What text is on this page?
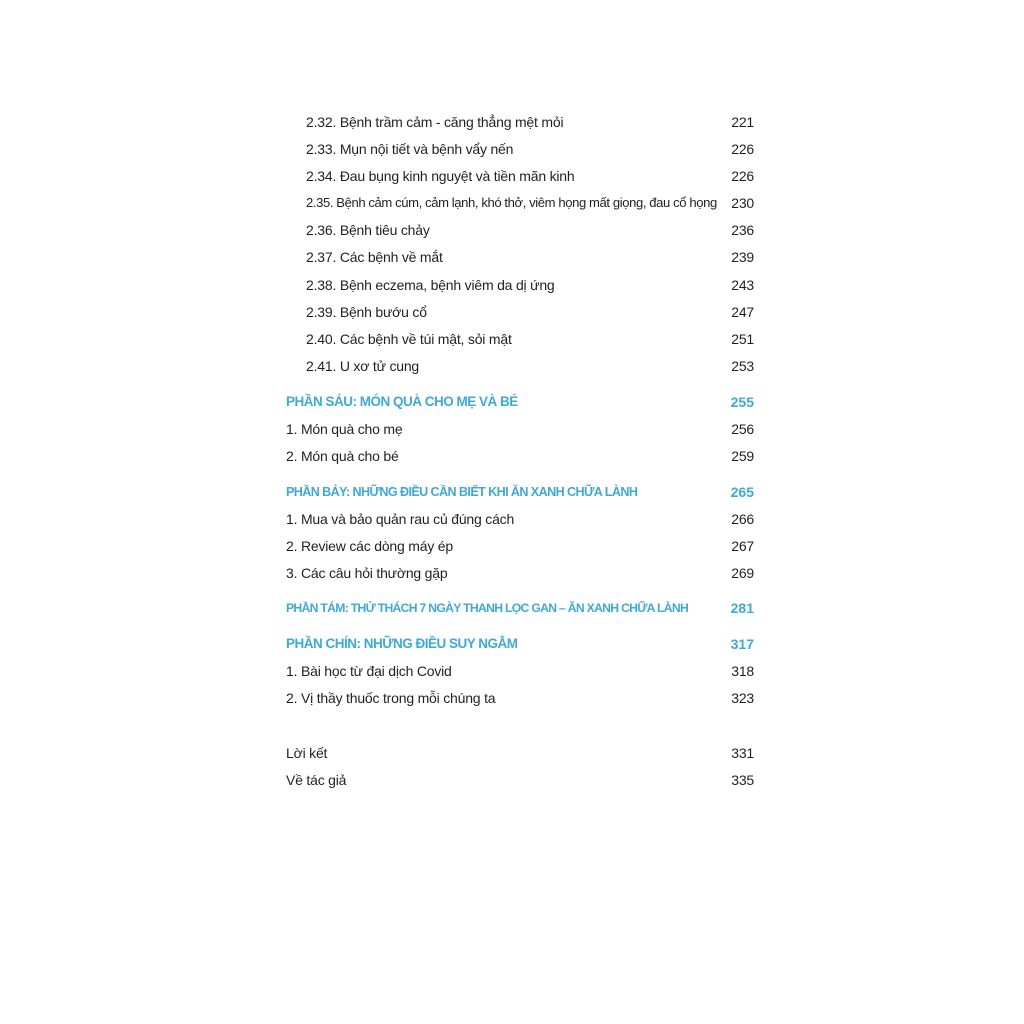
2.32. Bệnh trầm cảm - căng thẳng mệt mỏi	221
2.33. Mụn nội tiết và bệnh vẩy nến	226
2.34. Đau bụng kinh nguyệt và tiền mãn kinh	226
2.35. Bệnh cảm cúm, cảm lạnh, khó thở, viêm họng mất giọng, đau cổ họng 230
2.36. Bệnh tiêu chảy	236
2.37. Các bệnh về mắt	239
2.38. Bệnh eczema, bệnh viêm da dị ứng	243
2.39. Bệnh bướu cổ	247
2.40. Các bệnh về túi mật, sỏi mật	251
2.41. U xơ tử cung	253
PHẦN SÁU: MÓN QUÀ CHO MẸ VÀ BÉ	255
1. Món quà cho mẹ	256
2. Món quà cho bé	259
PHẦN BẢY: NHỮNG ĐIỀU CẦN BIẾT KHI ĂN XANH CHỮA LÀNH	265
1. Mua và bảo quản rau củ đúng cách	266
2. Review các dòng máy ép	267
3. Các câu hỏi thường gặp	269
PHẦN TÁM: THỬ THÁCH 7 NGÀY THANH LỌC GAN – ĂN XANH CHỮA LÀNH	281
PHẦN CHÍN: NHỮNG ĐIỀU SUY NGẪM	317
1. Bài học từ đại dịch Covid	318
2. Vị thầy thuốc trong mỗi chúng ta	323
Lời kết	331
Về tác giả	335
